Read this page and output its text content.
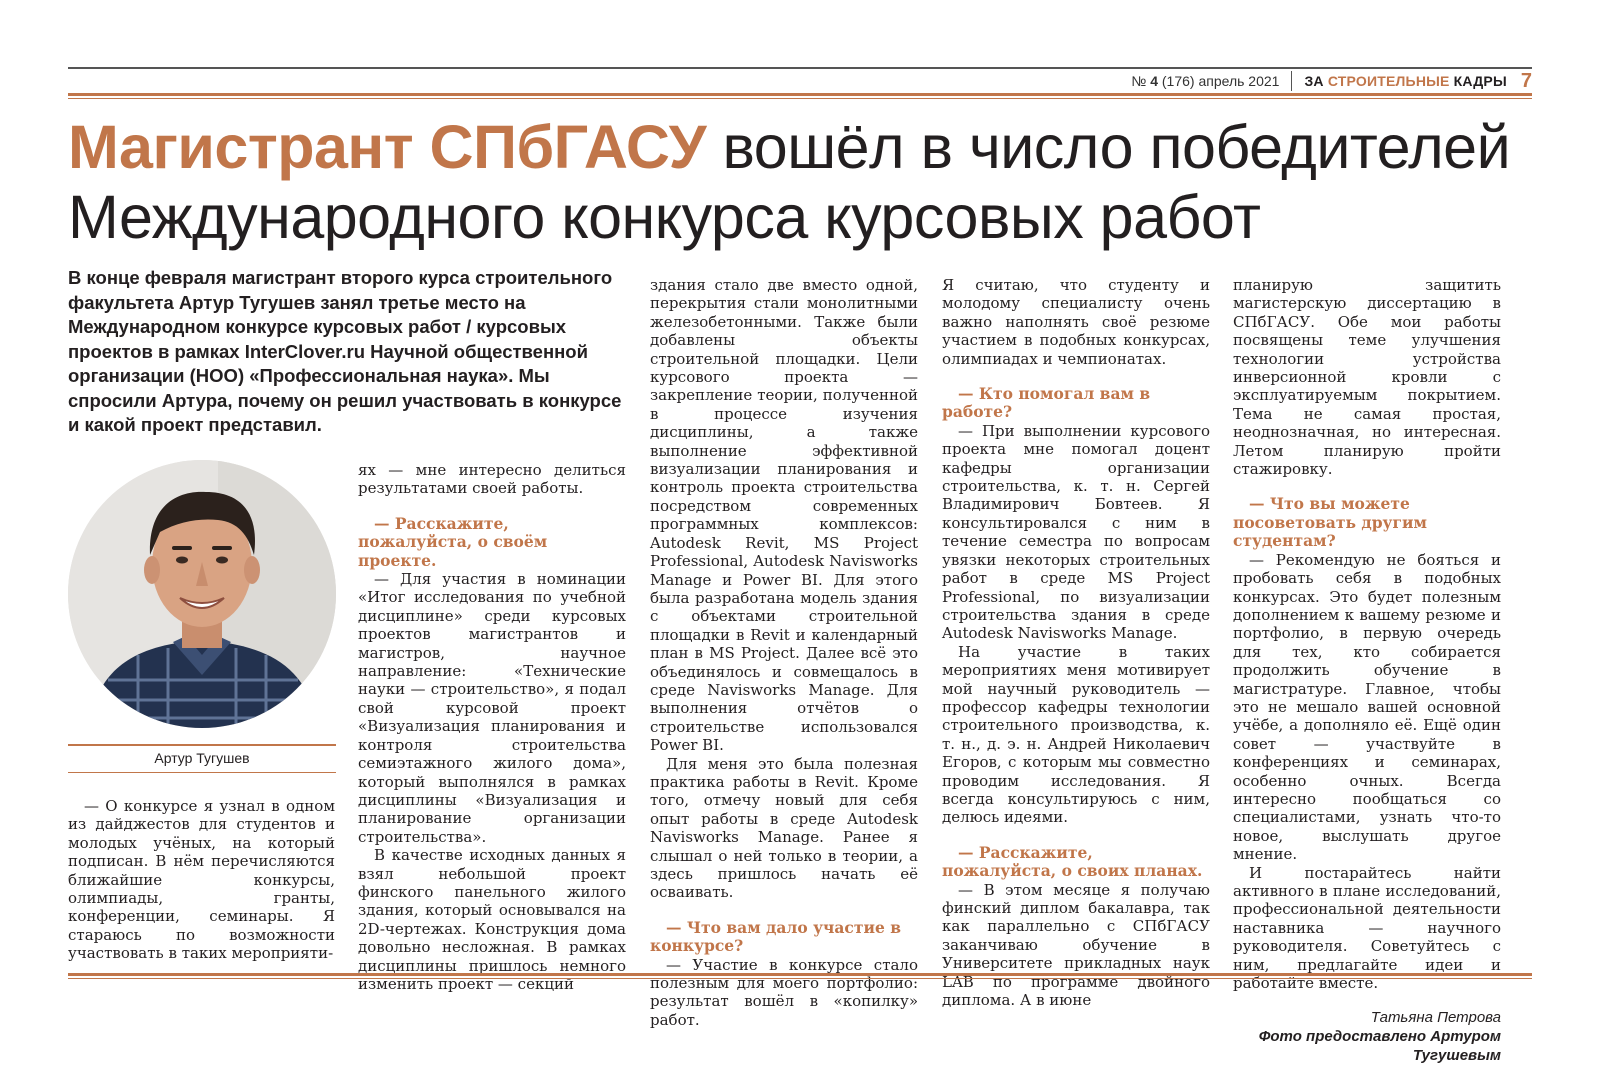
№ 4 (176) апрель 2021	ЗА СТРОИТЕЛЬНЫЕ КАДРЫ 7
Магистрант СПбГАСУ вошёл в число победителей Международного конкурса курсовых работ
В конце февраля магистрант второго курса строительного факультета Артур Тугушев занял третье место на Международном конкурсе курсовых работ / курсовых проектов в рамках InterClover.ru Научной общественной организации (НОО) «Профессиональная наука». Мы спросили Артура, почему он решил участвовать в конкурсе и какой проект представил.
Артур Тугушев

— О конкурсе я узнал в одном из дайджестов для студентов и молодых учёных, на который подписан. В нём перечисляются ближайшие конкурсы, олимпиады, гранты, конференции, семинары. Я стараюсь по возможности участвовать в таких мероприяти-

ях — мне интересно делиться результатами своей работы.

— Расскажите, пожалуйста, о своём проекте.

— Для участия в номинации «Итог исследования по учебной дисциплине» среди курсовых проектов магистрантов и магистров, научное направление: «Технические науки — строительство», я подал свой курсовой проект «Визуализация планирования и контроля строительства семиэтажного жилого дома», который выполнялся в рамках дисциплины «Визуализация и планирование организации строительства».

В качестве исходных данных я взял небольшой проект финского панельного жилого здания, который основывался на 2D-чертежах. Конструкция дома довольно несложная. В рамках дисциплины пришлось немного изменить проект — секций

здания стало две вместо одной, перекрытия стали монолитными железобетонными. Также были добавлены объекты строительной площадки. Цели курсового проекта — закрепление теории, полученной в процессе изучения дисциплины, а также выполнение эффективной визуализации планирования и контроль проекта строительства посредством современных программных комплексов: Autodesk Revit, MS Project Professional, Autodesk Navisworks Manage и Power BI. Для этого была разработана модель здания с объектами строительной площадки в Revit и календарный план в MS Project. Далее всё это объединялось и совмещалось в среде Navisworks Manage. Для выполнения отчётов о строительстве использовался Power BI.

Для меня это была полезная практика работы в Revit. Кроме того, отмечу новый для себя опыт работы в среде Autodesk Navisworks Manage. Ранее я слышал о ней только в теории, а здесь пришлось начать её осваивать.

— Что вам дало участие в конкурсе?

— Участие в конкурсе стало полезным для моего портфолио: результат вошёл в «копилку» работ.

Я считаю, что студенту и молодому специалисту очень важно наполнять своё резюме участием в подобных конкурсах, олимпиадах и чемпионатах.

— Кто помогал вам в работе?

— При выполнении курсового проекта мне помогал доцент кафедры организации строительства, к. т. н. Сергей Владимирович Бовтеев. Я консультировался с ним в течение семестра по вопросам увязки некоторых строительных работ в среде MS Project Professional, по визуализации строительства здания в среде Autodesk Navisworks Manage.

На участие в таких мероприятиях меня мотивирует мой научный руководитель — профессор кафедры технологии строительного производства, к. т. н., д. э. н. Андрей Николаевич Егоров, с которым мы совместно проводим исследования. Я всегда консультируюсь с ним, делюсь идеями.

— Расскажите, пожалуйста, о своих планах.

— В этом месяце я получаю финский диплом бакалавра, так как параллельно с СПбГАСУ заканчиваю обучение в Университете прикладных наук LAB по программе двойного диплома. А в июне

планирую защитить магистерскую диссертацию в СПбГАСУ. Обе мои работы посвящены теме улучшения технологии устройства инверсионной кровли с эксплуатируемым покрытием. Тема не самая простая, неоднозначная, но интересная. Летом планирую пройти стажировку.

— Что вы можете посоветовать другим студентам?

— Рекомендую не бояться и пробовать себя в подобных конкурсах. Это будет полезным дополнением к вашему резюме и портфолио, в первую очередь для тех, кто собирается продолжить обучение в магистратуре. Главное, чтобы это не мешало вашей основной учёбе, а дополняло её. Ещё один совет — участвуйте в конференциях и семинарах, особенно очных. Всегда интересно пообщаться со специалистами, узнать что-то новое, выслушать другое мнение.

И постарайтесь найти активного в плане исследований, профессиональной деятельности наставника — научного руководителя. Советуйтесь с ним, предлагайте идеи и работайте вместе.

Татьяна Петрова
Фото предоставлено Артуром Тугушевым
